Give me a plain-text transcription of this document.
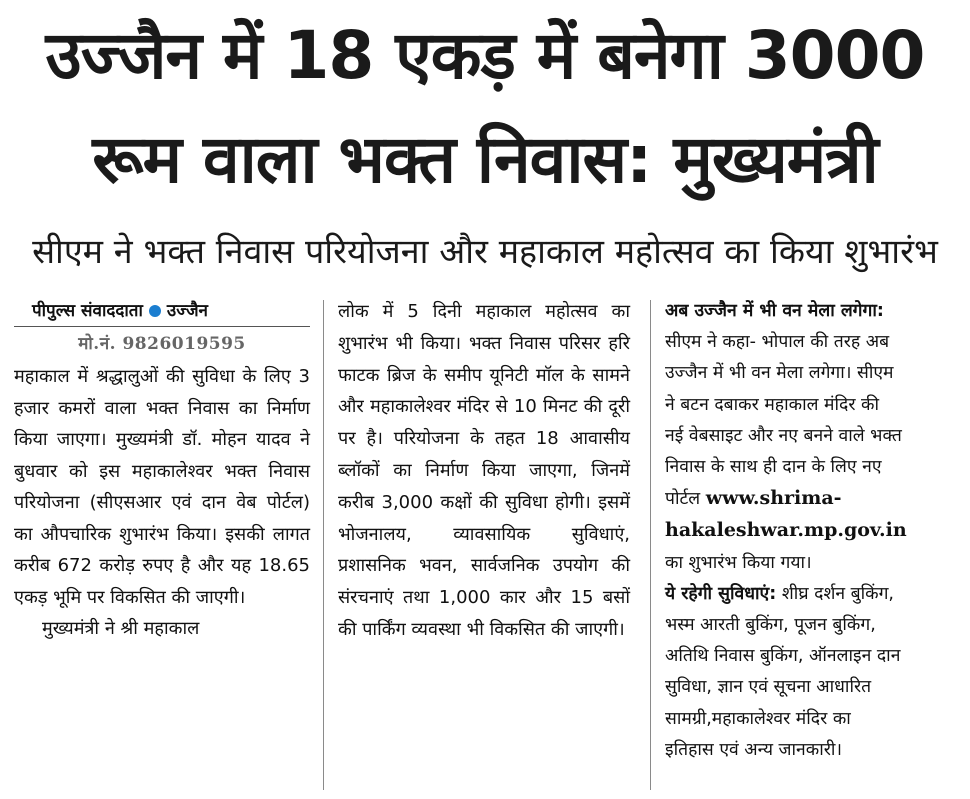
उज्जैन में 18 एकड़ में बनेगा 3000
रूम वाला भक्त निवास: मुख्यमंत्री
सीएम ने भक्त निवास परियोजना और महाकाल महोत्सव का किया शुभारंभ
पीपुल्स संवाददाता उज्जैन
मो.नं. 9826019595
महाकाल में श्रद्धालुओं की सुविधा के लिए 3 हजार कमरों वाला भक्त निवास का निर्माण किया जाएगा। मुख्यमंत्री डॉ. मोहन यादव ने बुधवार को इस महाकालेश्वर भक्त निवास परियोजना (सीएसआर एवं दान वेब पोर्टल) का औपचारिक शुभारंभ किया। इसकी लागत करीब 672 करोड़ रुपए है और यह 18.65 एकड़ भूमि पर विकसित की जाएगी।
मुख्यमंत्री ने श्री महाकाल
लोक में 5 दिनी महाकाल महोत्सव का शुभारंभ भी किया। भक्त निवास परिसर हरि फाटक ब्रिज के समीप यूनिटी मॉल के सामने और महाकालेश्वर मंदिर से 10 मिनट की दूरी पर है। परियोजना के तहत 18 आवासीय ब्लॉकों का निर्माण किया जाएगा, जिनमें करीब 3,000 कक्षों की सुविधा होगी। इसमें भोजनालय, व्यावसायिक सुविधाएं, प्रशासनिक भवन, सार्वजनिक उपयोग की संरचनाएं तथा 1,000 कार और 15 बसों की पार्किंग व्यवस्था भी विकसित की जाएगी।
अब उज्जैन में भी वन मेला लगेगा:
सीएम ने कहा- भोपाल की तरह अब
उज्जैन में भी वन मेला लगेगा। सीएम
ने बटन दबाकर महाकाल मंदिर की
नई वेबसाइट और नए बनने वाले भक्त
निवास के साथ ही दान के लिए नए
पोर्टल www.shrima-
hakaleshwar.mp.gov.in
का शुभारंभ किया गया।
ये रहेगी सुविधाएं: शीघ्र दर्शन बुकिंग,
भस्म आरती बुकिंग, पूजन बुकिंग,
अतिथि निवास बुकिंग, ऑनलाइन दान
सुविधा, ज्ञान एवं सूचना आधारित
सामग्री,महाकालेश्वर मंदिर का
इतिहास एवं अन्य जानकारी।
